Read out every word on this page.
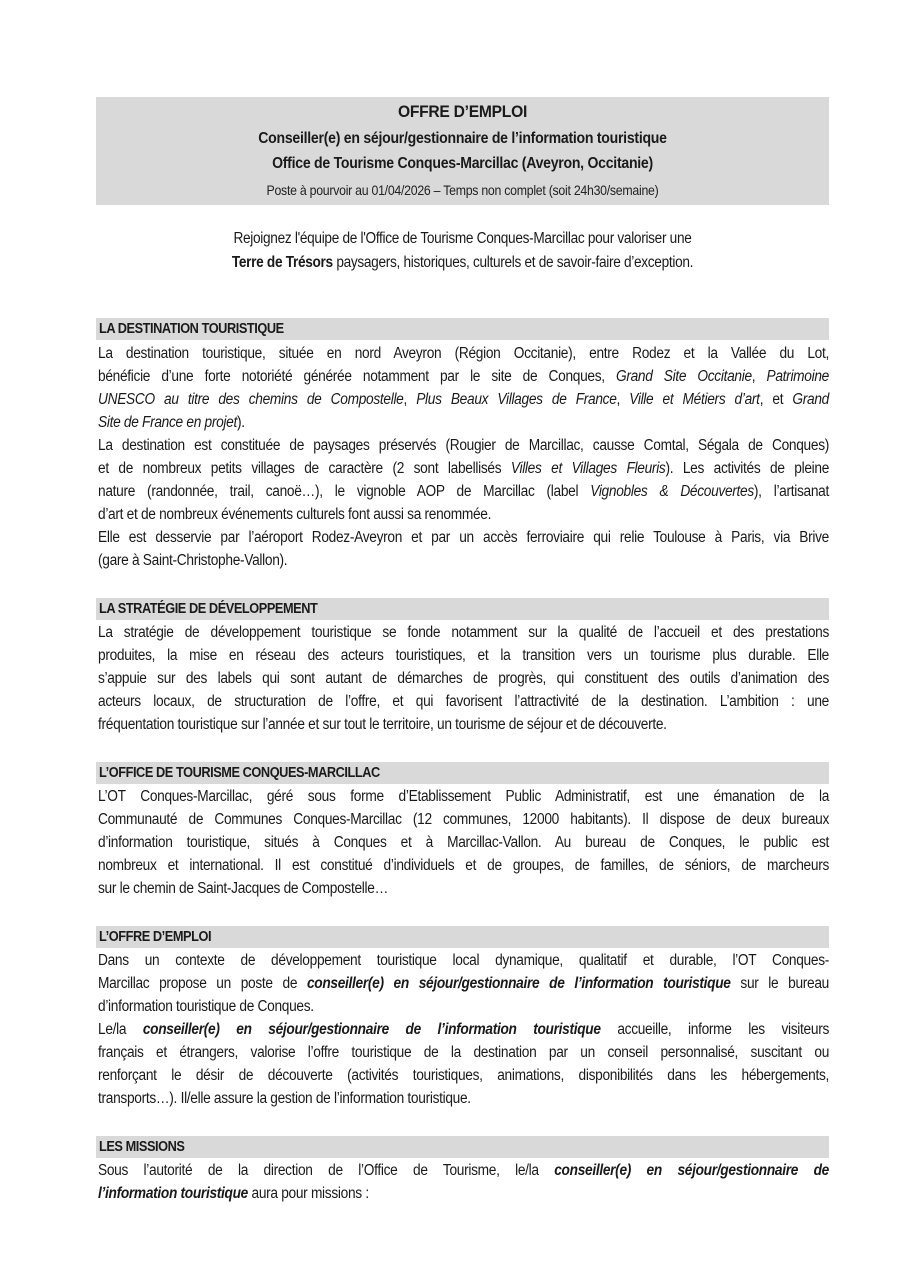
OFFRE D’EMPLOI
Conseiller(e) en séjour/gestionnaire de l’information touristique
Office de Tourisme Conques-Marcillac (Aveyron, Occitanie)
Poste à pourvoir au 01/04/2026 – Temps non complet (soit 24h30/semaine)
Rejoignez l'équipe de l'Office de Tourisme Conques-Marcillac pour valoriser une
Terre de Trésors paysagers, historiques, culturels et de savoir-faire d’exception.
LA DESTINATION TOURISTIQUE
La destination touristique, située en nord Aveyron (Région Occitanie), entre Rodez et la Vallée du Lot,
bénéficie d’une forte notoriété générée notamment par le site de Conques, Grand Site Occitanie, Patrimoine
UNESCO au titre des chemins de Compostelle, Plus Beaux Villages de France, Ville et Métiers d’art, et Grand
Site de France en projet).
La destination est constituée de paysages préservés (Rougier de Marcillac, causse Comtal, Ségala de Conques)
et de nombreux petits villages de caractère (2 sont labellisés Villes et Villages Fleuris). Les activités de pleine
nature (randonnée, trail, canoë…), le vignoble AOP de Marcillac (label Vignobles & Découvertes), l’artisanat
d’art et de nombreux événements culturels font aussi sa renommée.
Elle est desservie par l’aéroport Rodez-Aveyron et par un accès ferroviaire qui relie Toulouse à Paris, via Brive
(gare à Saint-Christophe-Vallon).
LA STRATÉGIE DE DÉVELOPPEMENT
La stratégie de développement touristique se fonde notamment sur la qualité de l’accueil et des prestations
produites, la mise en réseau des acteurs touristiques, et la transition vers un tourisme plus durable. Elle
s’appuie sur des labels qui sont autant de démarches de progrès, qui constituent des outils d’animation des
acteurs locaux, de structuration de l’offre, et qui favorisent l’attractivité de la destination. L’ambition : une
fréquentation touristique sur l’année et sur tout le territoire, un tourisme de séjour et de découverte.
L’OFFICE DE TOURISME CONQUES-MARCILLAC
L’OT Conques-Marcillac, géré sous forme d’Etablissement Public Administratif, est une émanation de la
Communauté de Communes Conques-Marcillac (12 communes, 12000 habitants). Il dispose de deux bureaux
d’information touristique, situés à Conques et à Marcillac-Vallon. Au bureau de Conques, le public est
nombreux et international. Il est constitué d’individuels et de groupes, de familles, de séniors, de marcheurs
sur le chemin de Saint-Jacques de Compostelle…
L’OFFRE D’EMPLOI
Dans un contexte de développement touristique local dynamique, qualitatif et durable, l’OT Conques-
Marcillac propose un poste de conseiller(e) en séjour/gestionnaire de l’information touristique sur le bureau
d’information touristique de Conques.
Le/la conseiller(e) en séjour/gestionnaire de l’information touristique accueille, informe les visiteurs
français et étrangers, valorise l’offre touristique de la destination par un conseil personnalisé, suscitant ou
renforçant le désir de découverte (activités touristiques, animations, disponibilités dans les hébergements,
transports…). Il/elle assure la gestion de l’information touristique.
LES MISSIONS
Sous l’autorité de la direction de l’Office de Tourisme, le/la conseiller(e) en séjour/gestionnaire de
l’information touristique aura pour missions :
